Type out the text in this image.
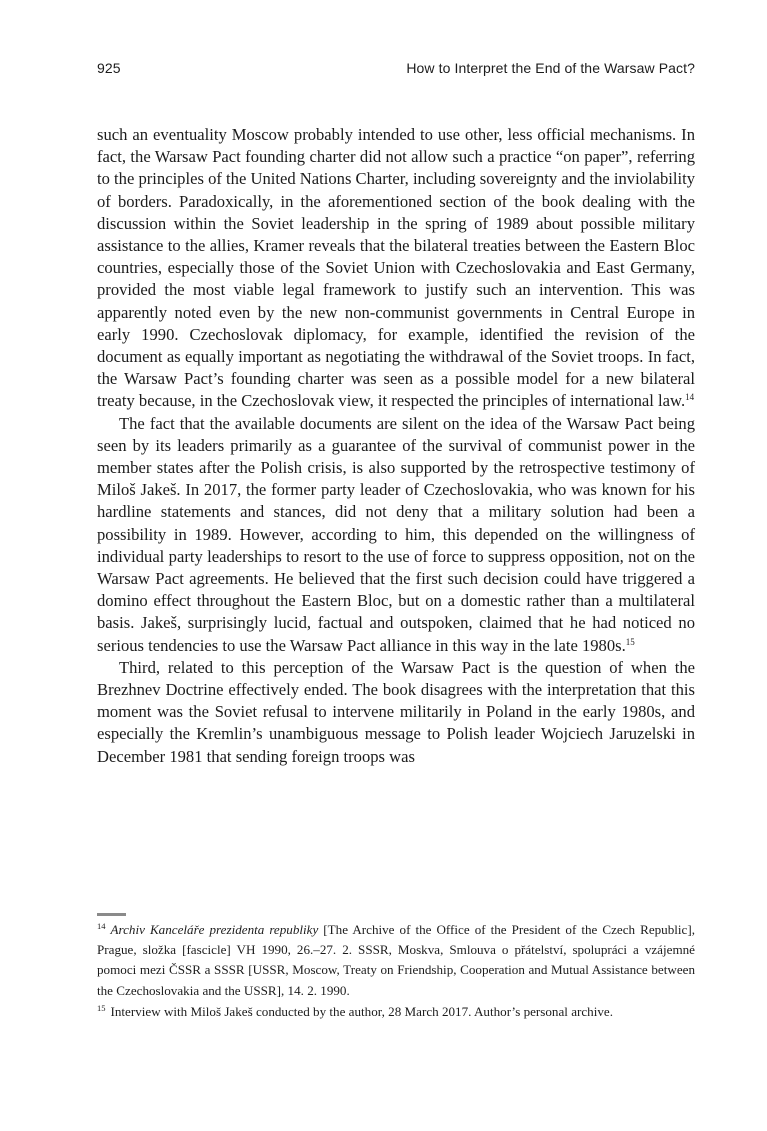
925	How to Interpret the End of the Warsaw Pact?

such an eventuality Moscow probably intended to use other, less official mechanisms. In fact, the Warsaw Pact founding charter did not allow such a practice “on paper”, referring to the principles of the United Nations Charter, including sovereignty and the inviolability of borders. Paradoxically, in the aforementioned section of the book dealing with the discussion within the Soviet leadership in the spring of 1989 about possible military assistance to the allies, Kramer reveals that the bilateral treaties between the Eastern Bloc countries, especially those of the Soviet Union with Czechoslovakia and East Germany, provided the most viable legal framework to justify such an intervention. This was apparently noted even by the new non-communist governments in Central Europe in early 1990. Czechoslovak diplomacy, for example, identified the revision of the document as equally important as negotiating the withdrawal of the Soviet troops. In fact, the Warsaw Pact’s founding charter was seen as a possible model for a new bilateral treaty because, in the Czechoslovak view, it respected the principles of international law.$^{14}$

The fact that the available documents are silent on the idea of the Warsaw Pact being seen by its leaders primarily as a guarantee of the survival of communist power in the member states after the Polish crisis, is also supported by the retrospective testimony of Miloš Jakeš. In 2017, the former party leader of Czechoslovakia, who was known for his hardline statements and stances, did not deny that a military solution had been a possibility in 1989. However, according to him, this depended on the willingness of individual party leaderships to resort to the use of force to suppress opposition, not on the Warsaw Pact agreements. He believed that the first such decision could have triggered a domino effect throughout the Eastern Bloc, but on a domestic rather than a multilateral basis. Jakeš, surprisingly lucid, factual and outspoken, claimed that he had noticed no serious tendencies to use the Warsaw Pact alliance in this way in the late 1980s.$^{15}$

Third, related to this perception of the Warsaw Pact is the question of when the Brezhnev Doctrine effectively ended. The book disagrees with the interpretation that this moment was the Soviet refusal to intervene militarily in Poland in the early 1980s, and especially the Kremlin’s unambiguous message to Polish leader Wojciech Jaruzelski in December 1981 that sending foreign troops was

$^{14}$ Archiv Kanceláře prezidenta republiky [The Archive of the Office of the President of the Czech Republic], Prague, složka [fascicle] VH 1990, 26.–27. 2. SSSR, Moskva, Smlouva o přátelství, spolupráci a vzájemné pomoci mezi ČSSR a SSSR [USSR, Moscow, Treaty on Friendship, Cooperation and Mutual Assistance between the Czechoslovakia and the USSR], 14. 2. 1990.

$^{15}$ Interview with Miloš Jakeš conducted by the author, 28 March 2017. Author’s personal archive.
